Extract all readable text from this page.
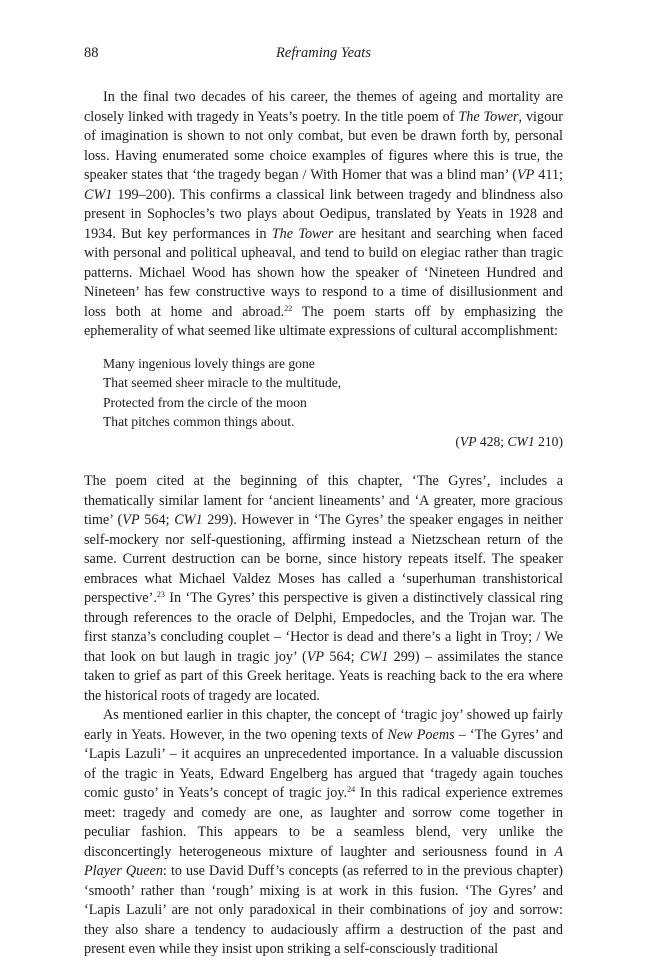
88	Reframing Yeats

In the final two decades of his career, the themes of ageing and mortality are closely linked with tragedy in Yeats’s poetry. In the title poem of The Tower, vigour of imagination is shown to not only combat, but even be drawn forth by, personal loss. Having enumerated some choice examples of figures where this is true, the speaker states that ‘the tragedy began / With Homer that was a blind man’ (VP 411; CW1 199–200). This confirms a classical link between tragedy and blindness also present in Sophocles’s two plays about Oedipus, translated by Yeats in 1928 and 1934. But key performances in The Tower are hesitant and searching when faced with personal and political upheaval, and tend to build on elegiac rather than tragic patterns. Michael Wood has shown how the speaker of ‘Nineteen Hundred and Nineteen’ has few constructive ways to respond to a time of disillusionment and loss both at home and abroad.$^{22}$ The poem starts off by emphasizing the ephemerality of what seemed like ultimate expressions of cultural accomplishment:

Many ingenious lovely things are gone
That seemed sheer miracle to the multitude,
Protected from the circle of the moon
That pitches common things about.
(VP 428; CW1 210)

The poem cited at the beginning of this chapter, ‘The Gyres’, includes a thematically similar lament for ‘ancient lineaments’ and ‘A greater, more gracious time’ (VP 564; CW1 299). However in ‘The Gyres’ the speaker engages in neither self-mockery nor self-questioning, affirming instead a Nietzschean return of the same. Current destruction can be borne, since history repeats itself. The speaker embraces what Michael Valdez Moses has called a ‘superhuman transhistorical perspective’.$^{23}$ In ‘The Gyres’ this perspective is given a distinctively classical ring through references to the oracle of Delphi, Empedocles, and the Trojan war. The first stanza’s concluding couplet – ‘Hector is dead and there’s a light in Troy; / We that look on but laugh in tragic joy’ (VP 564; CW1 299) – assimilates the stance taken to grief as part of this Greek heritage. Yeats is reaching back to the era where the historical roots of tragedy are located.

As mentioned earlier in this chapter, the concept of ‘tragic joy’ showed up fairly early in Yeats. However, in the two opening texts of New Poems – ‘The Gyres’ and ‘Lapis Lazuli’ – it acquires an unprecedented importance. In a valuable discussion of the tragic in Yeats, Edward Engelberg has argued that ‘tragedy again touches comic gusto’ in Yeats’s concept of tragic joy.$^{24}$ In this radical experience extremes meet: tragedy and comedy are one, as laughter and sorrow come together in peculiar fashion. This appears to be a seamless blend, very unlike the disconcertingly heterogeneous mixture of laughter and seriousness found in A Player Queen: to use David Duff’s concepts (as referred to in the previous chapter) ‘smooth’ rather than ‘rough’ mixing is at work in this fusion. ‘The Gyres’ and ‘Lapis Lazuli’ are not only paradoxical in their combinations of joy and sorrow: they also share a tendency to audaciously affirm a destruction of the past and present even while they insist upon striking a self-consciously traditional
